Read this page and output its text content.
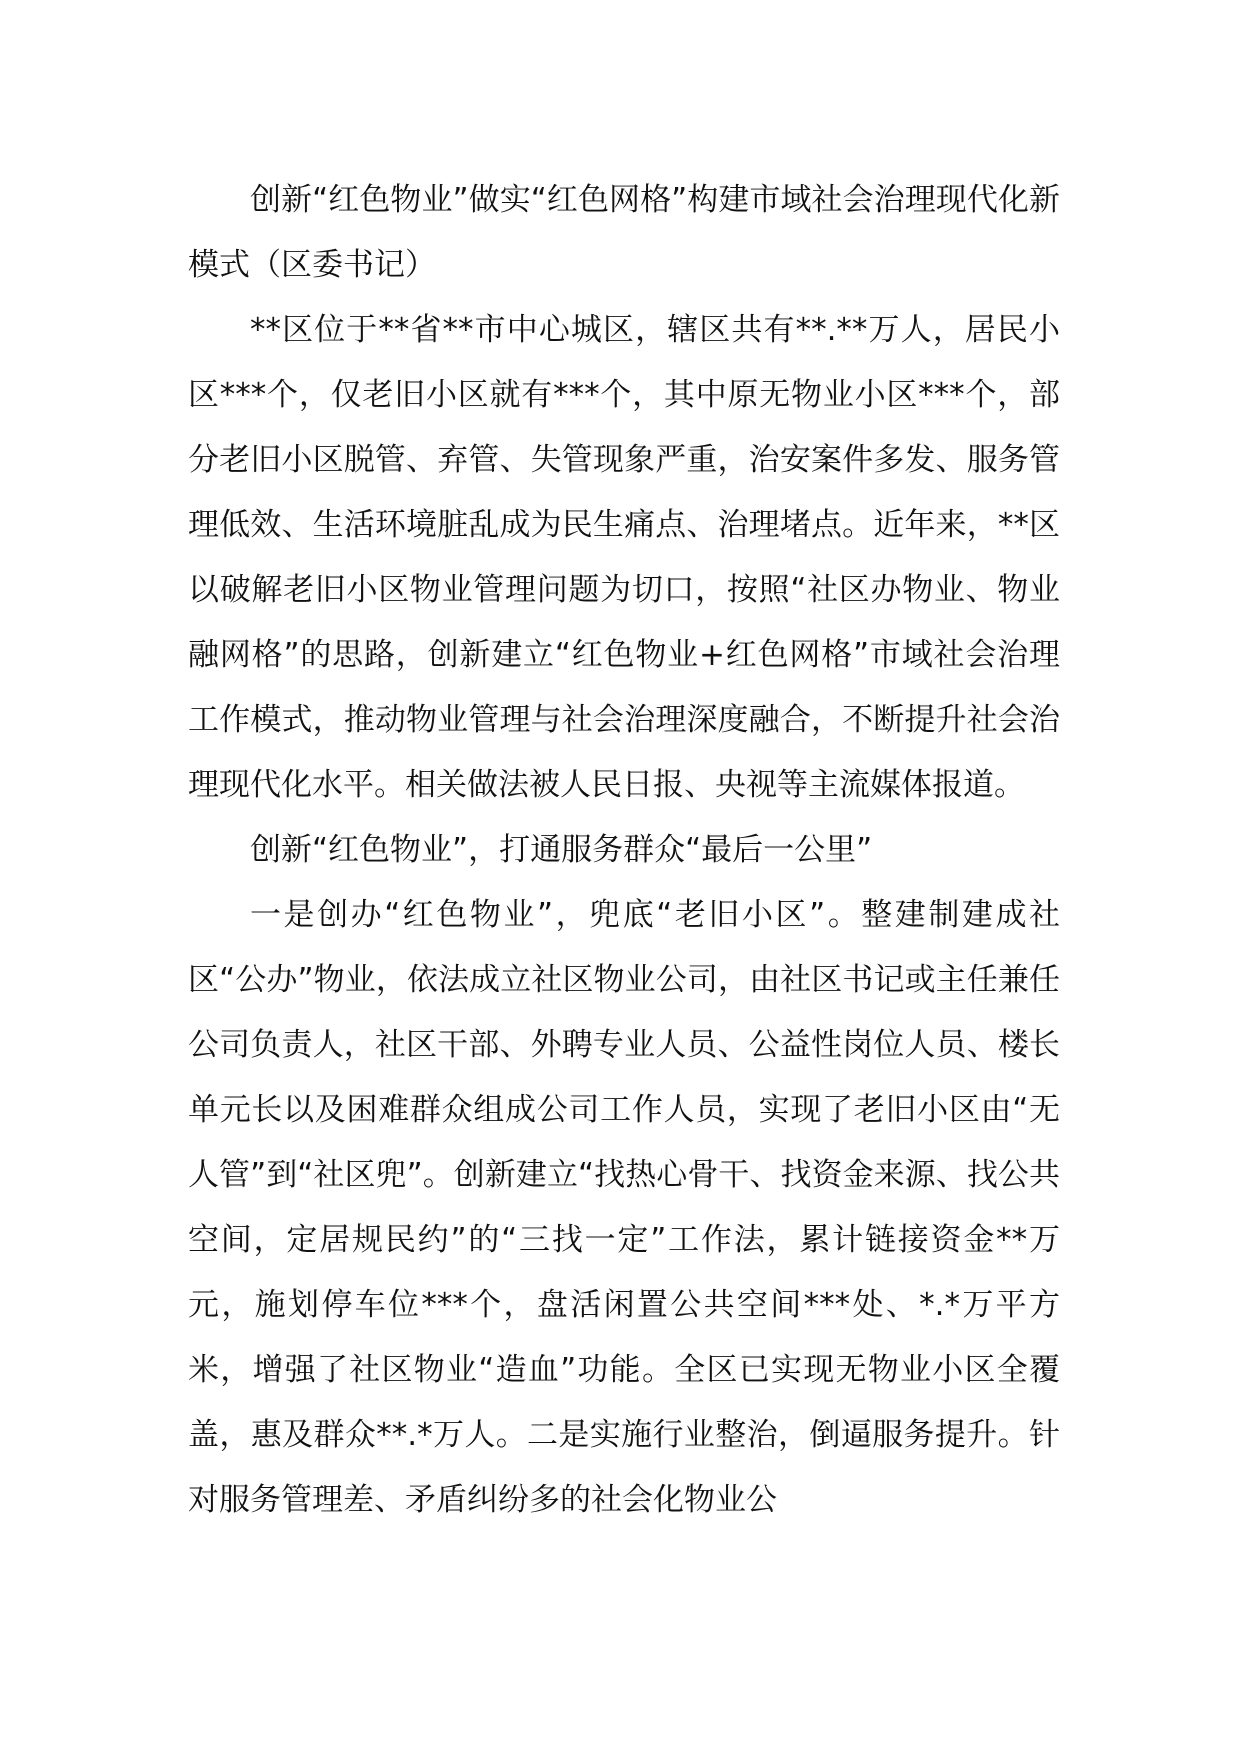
创新“红色物业”做实“红色网格”构建市域社会治理现代化新模式（区委书记）

**区位于**省**市中心城区，辖区共有**.**万人，居民小区***个，仅老旧小区就有***个，其中原无物业小区***个，部分老旧小区脱管、弃管、失管现象严重，治安案件多发、服务管理低效、生活环境脏乱成为民生痛点、治理堵点。近年来，**区以破解老旧小区物业管理问题为切口，按照“社区办物业、物业融网格”的思路，创新建立“红色物业+红色网格”市域社会治理工作模式，推动物业管理与社会治理深度融合，不断提升社会治理现代化水平。相关做法被人民日报、央视等主流媒体报道。

创新“红色物业”，打通服务群众“最后一公里”

一是创办“红色物业”，兜底“老旧小区”。整建制建成社区“公办”物业，依法成立社区物业公司，由社区书记或主任兼任公司负责人，社区干部、外聘专业人员、公益性岗位人员、楼长单元长以及困难群众组成公司工作人员，实现了老旧小区由“无人管”到“社区兜”。创新建立“找热心骨干、找资金来源、找公共空间，定居规民约”的“三找一定”工作法，累计链接资金**万元，施划停车位***个，盘活闲置公共空间***处、*.*万平方米，增强了社区物业“造血”功能。全区已实现无物业小区全覆盖，惠及群众**.*万人。二是实施行业整治，倒逼服务提升。针对服务管理差、矛盾纠纷多的社会化物业公
